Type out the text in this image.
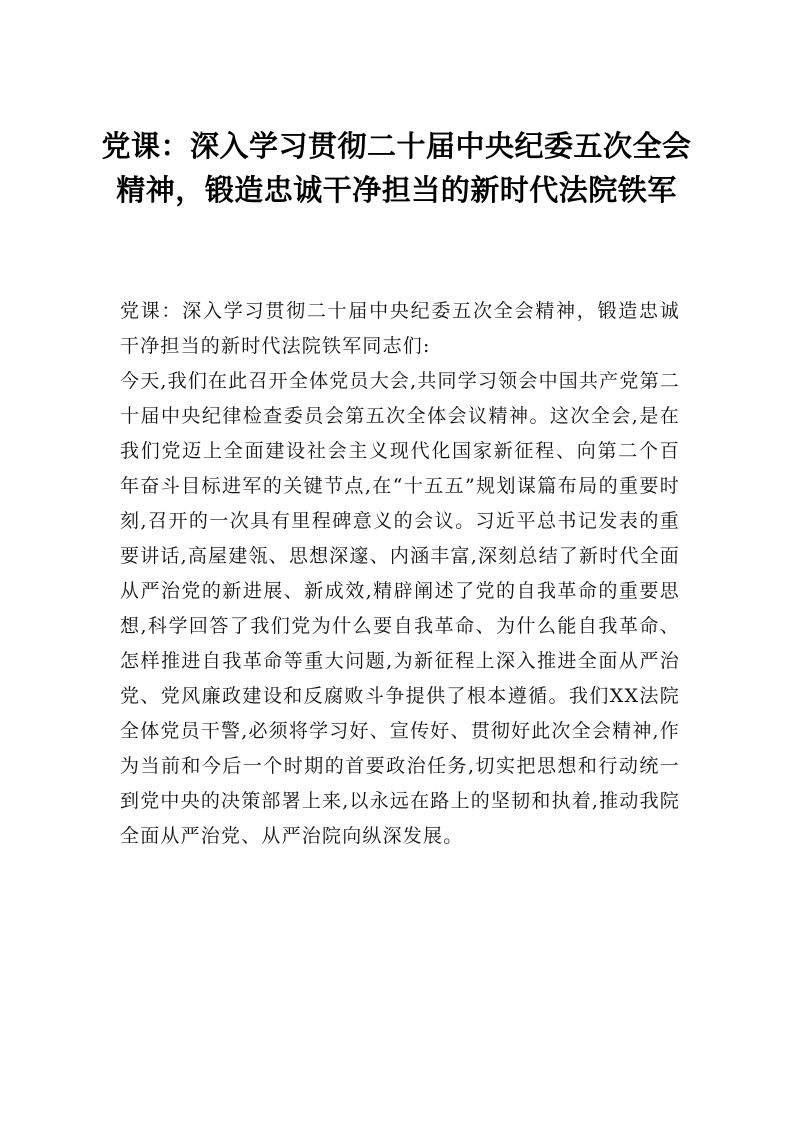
党课：深入学习贯彻二十届中央纪委五次全会精神，锻造忠诚干净担当的新时代法院铁军

党课：深入学习贯彻二十届中央纪委五次全会精神，锻造忠诚干净担当的新时代法院铁军同志们:

今天,我们在此召开全体党员大会,共同学习领会中国共产党第二十届中央纪律检查委员会第五次全体会议精神。这次全会,是在我们党迈上全面建设社会主义现代化国家新征程、向第二个百年奋斗目标进军的关键节点,在“十五五”规划谋篇布局的重要时刻,召开的一次具有里程碑意义的会议。习近平总书记发表的重要讲话,高屋建瓴、思想深邃、内涵丰富,深刻总结了新时代全面从严治党的新进展、新成效,精辟阐述了党的自我革命的重要思想,科学回答了我们党为什么要自我革命、为什么能自我革命、怎样推进自我革命等重大问题,为新征程上深入推进全面从严治党、党风廉政建设和反腐败斗争提供了根本遵循。我们XX法院全体党员干警,必须将学习好、宣传好、贯彻好此次全会精神,作为当前和今后一个时期的首要政治任务,切实把思想和行动统一到党中央的决策部署上来,以永远在路上的坚韧和执着,推动我院全面从严治党、从严治院向纵深发展。
